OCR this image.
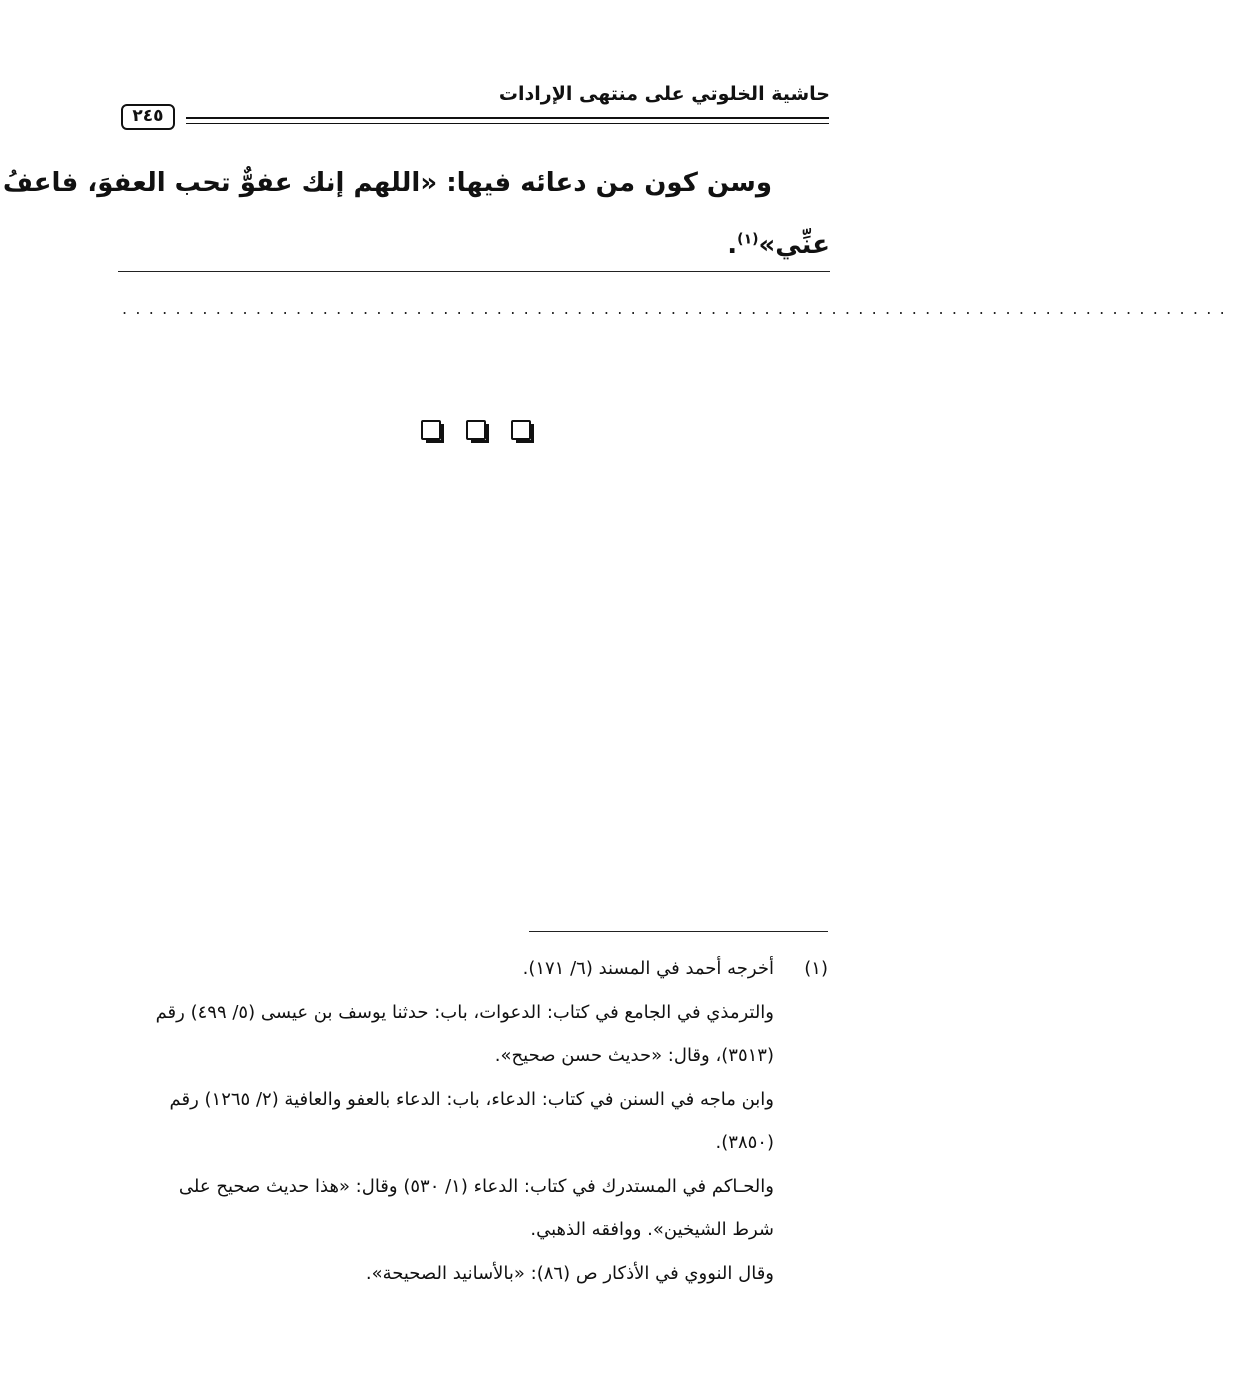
حاشية الخلوتي على منتهى الإرادات
٢٤٥
وسن كون من دعائه فيها: «اللهم إنك عفوٌّ تحب العفوَ، فاعفُ
عنِّي»$^{(١)}$.
...................................................................................
(١)أخرجه أحمد في المسند (٦/ ١٧١).
والترمذي في الجامع في كتاب: الدعوات، باب: حدثنا يوسف بن عيسى (٥/ ٤٩٩) رقم
(٣٥١٣)، وقال: «حديث حسن صحيح».
وابن ماجه في السنن في كتاب: الدعاء، باب: الدعاء بالعفو والعافية (٢/ ١٢٦٥) رقم
(٣٨٥٠).
والحـاكم في المستدرك في كتاب: الدعاء (١/ ٥٣٠) وقال: «هذا حديث صحيح على
شرط الشيخين». ووافقه الذهبي.
وقال النووي في الأذكار ص (٨٦): «بالأسانيد الصحيحة».
